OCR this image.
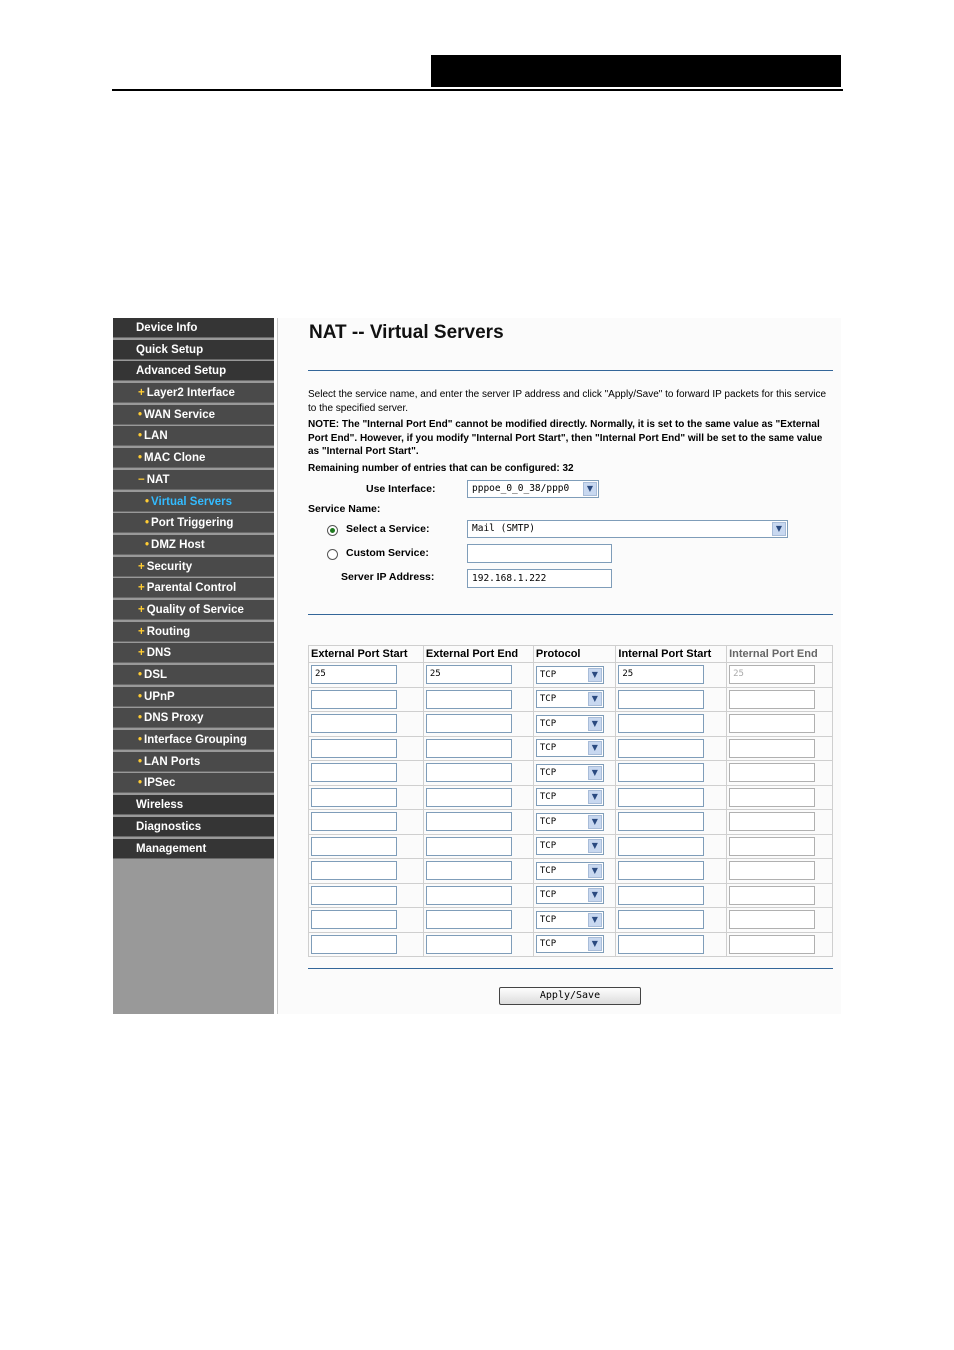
Device Info
Quick Setup
Advanced Setup
+ Layer2 Interface
• WAN Service
• LAN
• MAC Clone
− NAT
• Virtual Servers
• Port Triggering
• DMZ Host
+ Security
+ Parental Control
+ Quality of Service
+ Routing
+ DNS
• DSL
• UPnP
• DNS Proxy
• Interface Grouping
• LAN Ports
• IPSec
Wireless
Diagnostics
Management
NAT -- Virtual Servers
Select the service name, and enter the server IP address and click "Apply/Save" to forward IP packets for this service to the specified server.
NOTE: The "Internal Port End" cannot be modified directly. Normally, it is set to the same value as "External Port End". However, if you modify "Internal Port Start", then "Internal Port End" will be set to the same value as "Internal Port Start".
Remaining number of entries that can be configured: 32
Use Interface:	pppoe_0_0_38/ppp0	▼
Service Name:
Select a Service:	Mail (SMTP)	▼
Custom Service:
Server IP Address:	192.168.1.222
External Port Start	External Port End	Protocol	Internal Port Start	Internal Port End

25	25	TCP ▼	25	25

		TCP ▼		

		TCP ▼		

		TCP ▼		

		TCP ▼		

		TCP ▼		

		TCP ▼		

		TCP ▼		

		TCP ▼		

		TCP ▼		

		TCP ▼		

		TCP ▼		

Apply/Save
